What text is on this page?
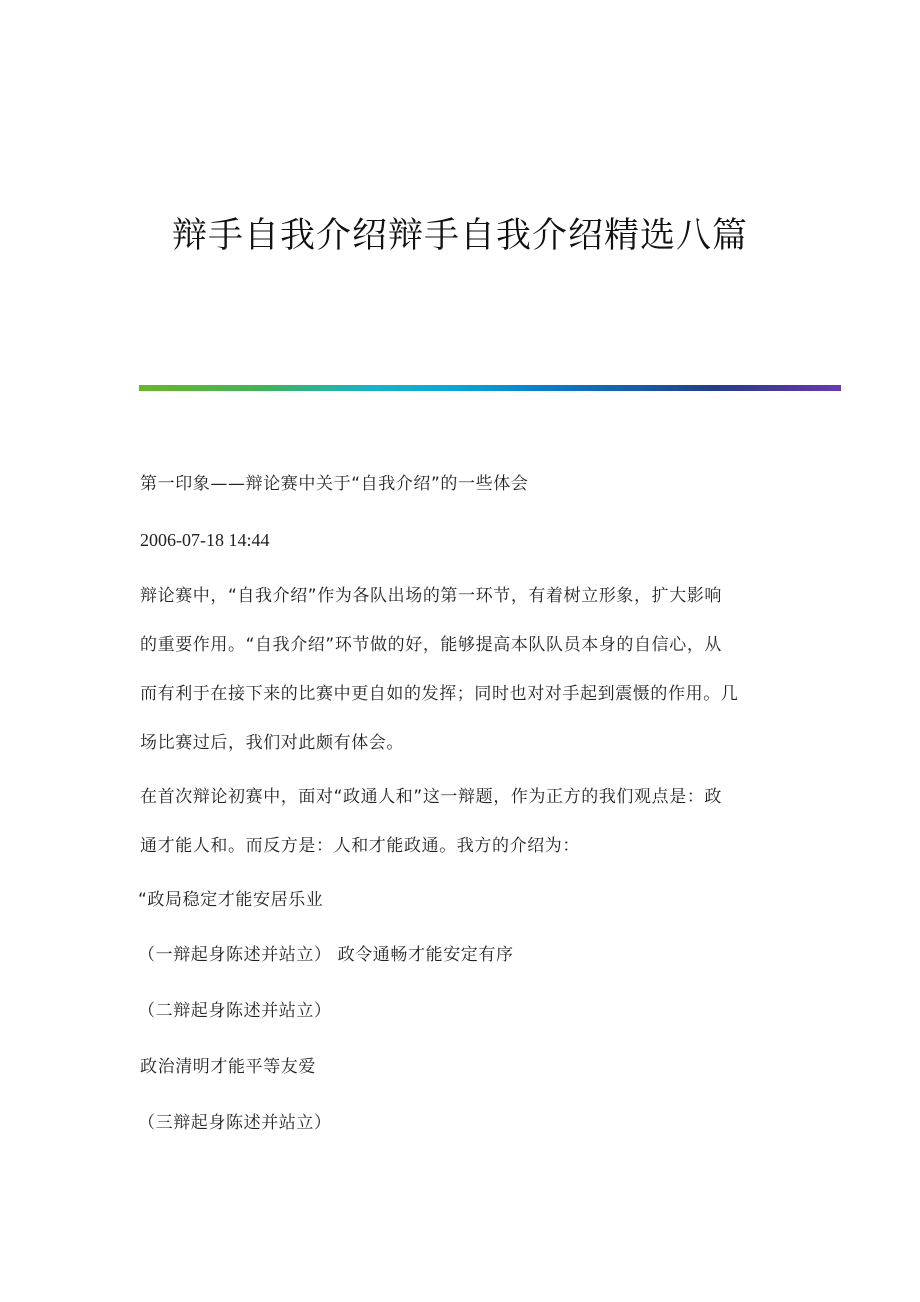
辩手自我介绍辩手自我介绍精选八篇
第一印象——辩论赛中关于“自我介绍”的一些体会
2006-07-18 14:44
辩论赛中，“自我介绍”作为各队出场的第一环节，有着树立形象，扩大影响
的重要作用。“自我介绍”环节做的好，能够提高本队队员本身的自信心，从
而有利于在接下来的比赛中更自如的发挥；同时也对对手起到震慑的作用。几
场比赛过后，我们对此颇有体会。
在首次辩论初赛中，面对“政通人和”这一辩题，作为正方的我们观点是：政
通才能人和。而反方是：人和才能政通。我方的介绍为：
“政局稳定才能安居乐业
（一辩起身陈述并站立） 政令通畅才能安定有序
（二辩起身陈述并站立）
政治清明才能平等友爱
（三辩起身陈述并站立）
